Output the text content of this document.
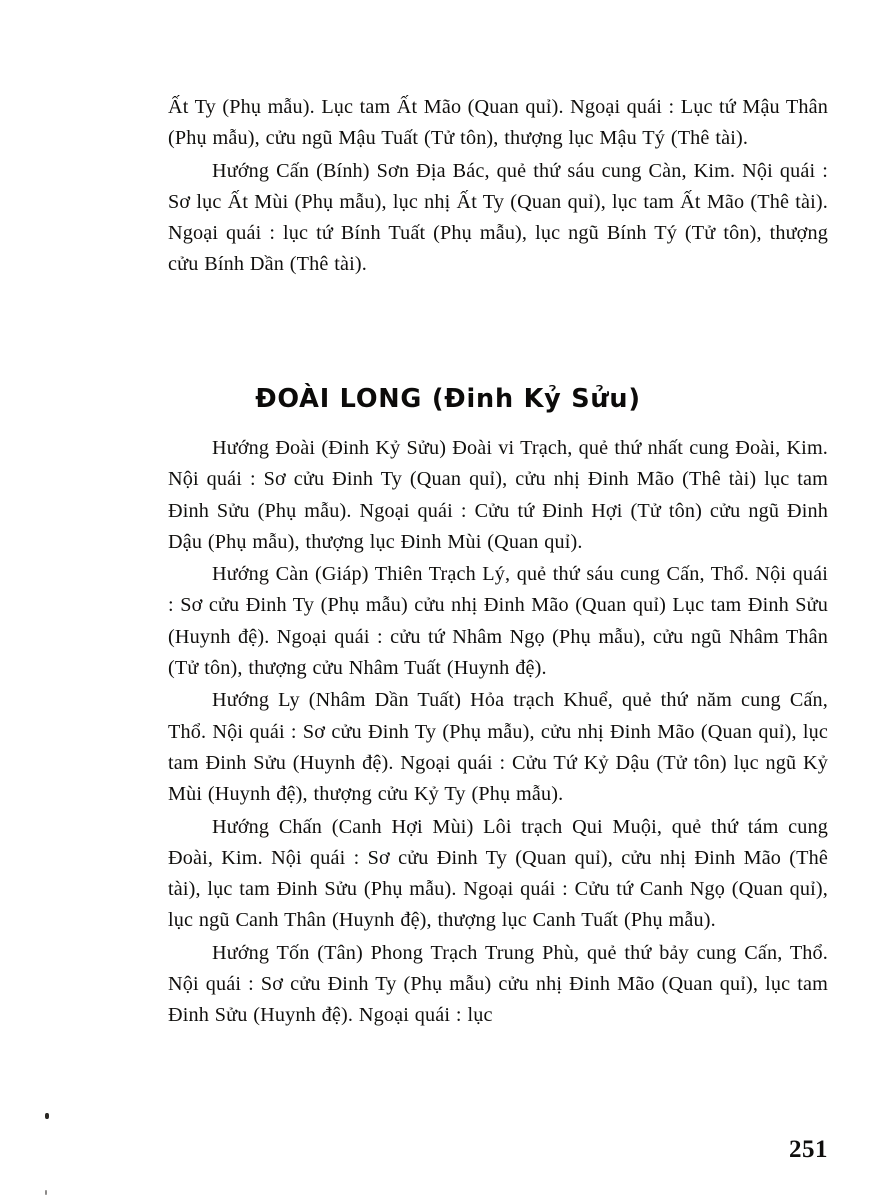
Ất Ty (Phụ mẫu). Lục tam Ất Mão (Quan quỉ). Ngoại quái : Lục tứ Mậu Thân (Phụ mẫu), cửu ngũ Mậu Tuất (Tử tôn), thượng lục Mậu Tý (Thê tài).

Hướng Cấn (Bính) Sơn Địa Bác, quẻ thứ sáu cung Càn, Kim. Nội quái : Sơ lục Ất Mùi (Phụ mẫu), lục nhị Ất Ty (Quan quỉ), lục tam Ất Mão (Thê tài). Ngoại quái : lục tứ Bính Tuất (Phụ mẫu), lục ngũ Bính Tý (Tử tôn), thượng cửu Bính Dần (Thê tài).

ĐOÀI LONG (Đinh Kỷ Sửu)

Hướng Đoài (Đinh Kỷ Sửu) Đoài vi Trạch, quẻ thứ nhất cung Đoài, Kim. Nội quái : Sơ cửu Đinh Ty (Quan quỉ), cửu nhị Đinh Mão (Thê tài) lục tam Đinh Sửu (Phụ mẫu). Ngoại quái : Cửu tứ Đinh Hợi (Tử tôn) cửu ngũ Đinh Dậu (Phụ mẫu), thượng lục Đinh Mùi (Quan quỉ).

Hướng Càn (Giáp) Thiên Trạch Lý, quẻ thứ sáu cung Cấn, Thổ. Nội quái : Sơ cửu Đinh Ty (Phụ mẫu) cửu nhị Đinh Mão (Quan quỉ) Lục tam Đinh Sửu (Huynh đệ). Ngoại quái : cửu tứ Nhâm Ngọ (Phụ mẫu), cửu ngũ Nhâm Thân (Tử tôn), thượng cửu Nhâm Tuất (Huynh đệ).

Hướng Ly (Nhâm Dần Tuất) Hỏa trạch Khuể, quẻ thứ năm cung Cấn, Thổ. Nội quái : Sơ cửu Đinh Ty (Phụ mẫu), cửu nhị Đinh Mão (Quan quỉ), lục tam Đinh Sửu (Huynh đệ). Ngoại quái : Cửu Tứ Kỷ Dậu (Tử tôn) lục ngũ Kỷ Mùi (Huynh đệ), thượng cửu Kỷ Ty (Phụ mẫu).

Hướng Chấn (Canh Hợi Mùi) Lôi trạch Qui Muội, quẻ thứ tám cung Đoài, Kim. Nội quái : Sơ cửu Đinh Ty (Quan quỉ), cửu nhị Đinh Mão (Thê tài), lục tam Đinh Sửu (Phụ mẫu). Ngoại quái : Cửu tứ Canh Ngọ (Quan quỉ), lục ngũ Canh Thân (Huynh đệ), thượng lục Canh Tuất (Phụ mẫu).

Hướng Tốn (Tân) Phong Trạch Trung Phù, quẻ thứ bảy cung Cấn, Thổ. Nội quái : Sơ cửu Đinh Ty (Phụ mẫu) cửu nhị Đinh Mão (Quan quỉ), lục tam Đinh Sửu (Huynh đệ). Ngoại quái : lục

251
